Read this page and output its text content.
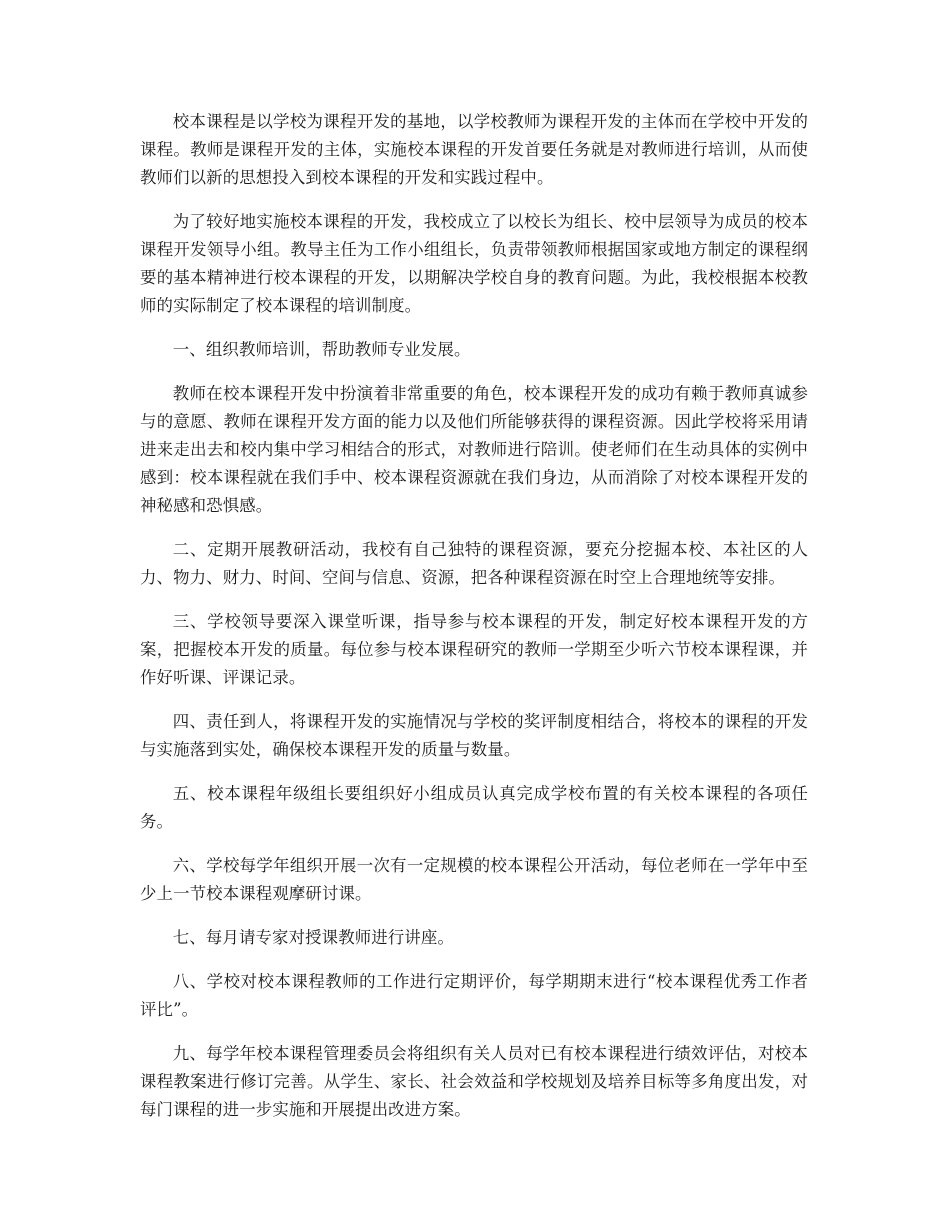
校本课程是以学校为课程开发的基地，以学校教师为课程开发的主体而在学校中开发的课程。教师是课程开发的主体，实施校本课程的开发首要任务就是对教师进行培训，从而使教师们以新的思想投入到校本课程的开发和实践过程中。

为了较好地实施校本课程的开发，我校成立了以校长为组长、校中层领导为成员的校本课程开发领导小组。教导主任为工作小组组长，负责带领教师根据国家或地方制定的课程纲要的基本精神进行校本课程的开发，以期解决学校自身的教育问题。为此，我校根据本校教师的实际制定了校本课程的培训制度。

一、组织教师培训，帮助教师专业发展。

教师在校本课程开发中扮演着非常重要的角色，校本课程开发的成功有赖于教师真诚参与的意愿、教师在课程开发方面的能力以及他们所能够获得的课程资源。因此学校将采用请进来走出去和校内集中学习相结合的形式，对教师进行陪训。使老师们在生动具体的实例中感到：校本课程就在我们手中、校本课程资源就在我们身边，从而消除了对校本课程开发的神秘感和恐惧感。

二、定期开展教研活动，我校有自己独特的课程资源，要充分挖掘本校、本社区的人力、物力、财力、时间、空间与信息、资源，把各种课程资源在时空上合理地统等安排。

三、学校领导要深入课堂听课，指导参与校本课程的开发，制定好校本课程开发的方案，把握校本开发的质量。每位参与校本课程研究的教师一学期至少听六节校本课程课，并作好听课、评课记录。

四、责任到人，将课程开发的实施情况与学校的奖评制度相结合，将校本的课程的开发与实施落到实处，确保校本课程开发的质量与数量。

五、校本课程年级组长要组织好小组成员认真完成学校布置的有关校本课程的各项任务。

六、学校每学年组织开展一次有一定规模的校本课程公开活动，每位老师在一学年中至少上一节校本课程观摩研讨课。

七、每月请专家对授课教师进行讲座。

八、学校对校本课程教师的工作进行定期评价，每学期期末进行“校本课程优秀工作者评比”。

九、每学年校本课程管理委员会将组织有关人员对已有校本课程进行绩效评估，对校本课程教案进行修订完善。从学生、家长、社会效益和学校规划及培养目标等多角度出发，对每门课程的进一步实施和开展提出改进方案。
